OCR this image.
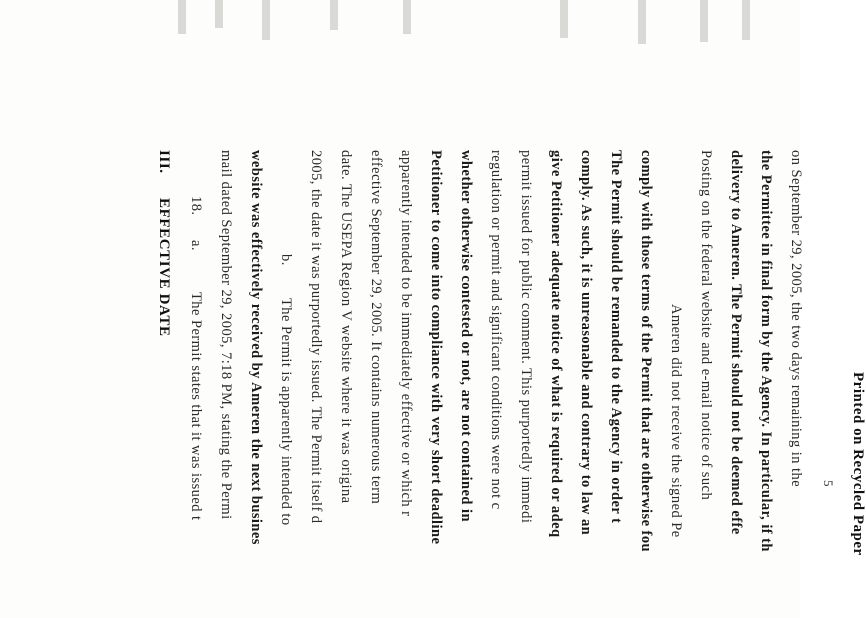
III.
EFFECTIVE DATE 18.
a.
The Permit states that it was issued t mail dated September 29, 2005, 7:18 PM, stating the Permi website was effectively received by Ameren the next busines b.
The Permit is apparently intended to 2005, the date it was purportedly issued. The Permit itself d date. The USEPA Region V website where it was origina effective September 29, 2005. It contains numerous term apparently intended to be immediately effective or which r Petitioner to come into compliance with very short deadline whether otherwise contested or not, are not contained in regulation or permit and significant conditions were not c permit issued for public comment. This purportedly immedi give Petitioner adequate notice of what is required or adeq comply. As such, it is unreasonable and contrary to law an The Permit should be remanded to the Agency in order t comply with those terms of the Permit that are otherwise fou Ameren did not receive the signed Pe Posting on the federal website and e-mail notice of such delivery to Ameren. The Permit should not be deemed effe the Permittee in final form by the Agency. In particular, if th on September 29, 2005, the two days remaining in the 5 Printed on Recycled Paper
